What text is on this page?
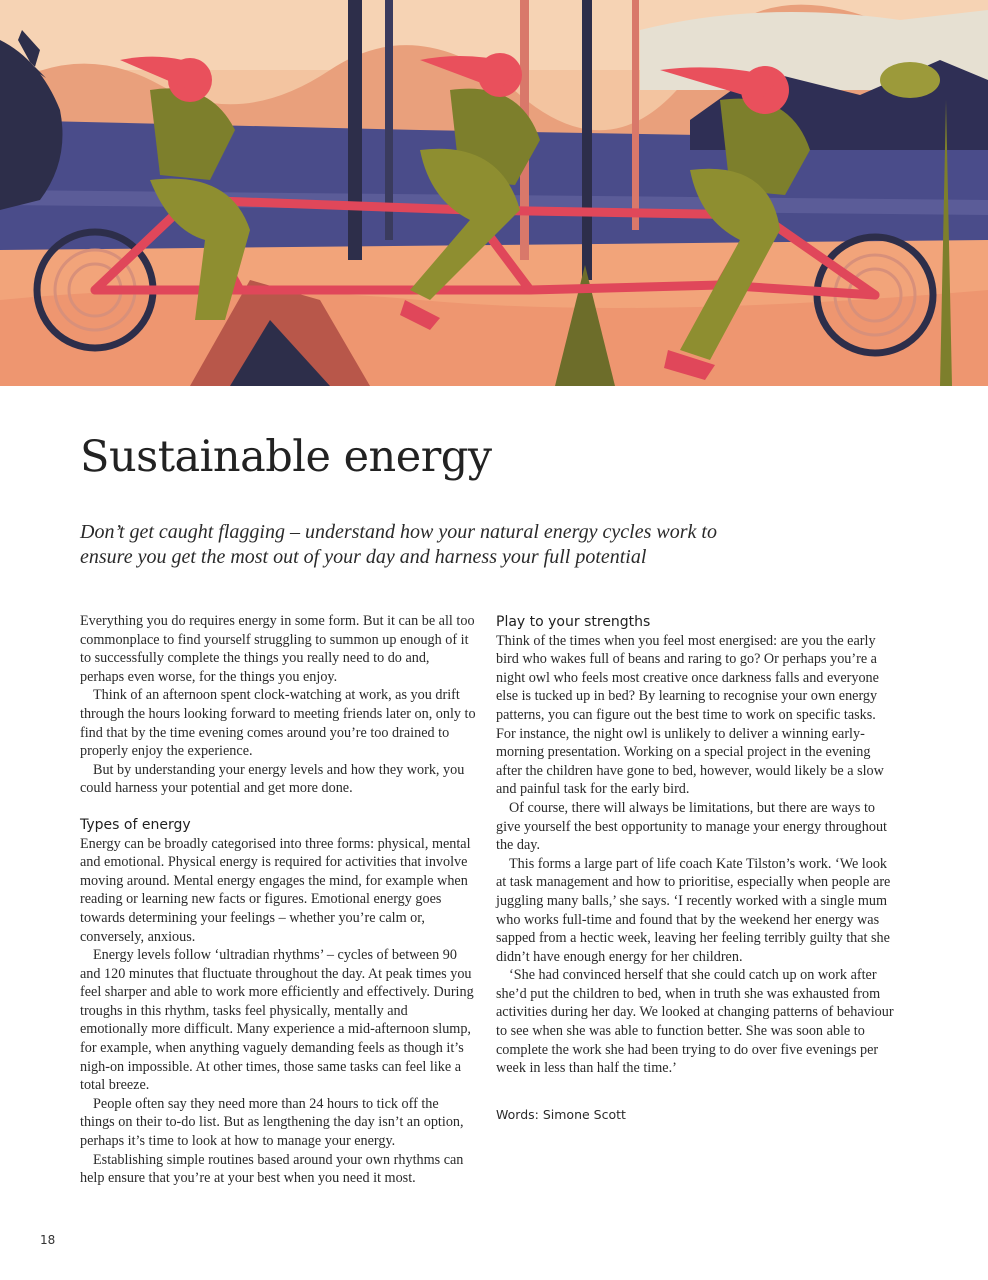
Sustainable energy

Don’t get caught flagging – understand how your natural energy cycles work to ensure you get the most out of your day and harness your full potential

Everything you do requires energy in some form. But it can be all too commonplace to find yourself struggling to summon up enough of it to successfully complete the things you really need to do and, perhaps even worse, for the things you enjoy.

Think of an afternoon spent clock-watching at work, as you drift through the hours looking forward to meeting friends later on, only to find that by the time evening comes around you’re too drained to properly enjoy the experience.

But by understanding your energy levels and how they work, you could harness your potential and get more done.

Types of energy

Energy can be broadly categorised into three forms: physical, mental and emotional. Physical energy is required for activities that involve moving around. Mental energy engages the mind, for example when reading or learning new facts or figures. Emotional energy goes towards determining your feelings – whether you’re calm or, conversely, anxious.

Energy levels follow ‘ultradian rhythms’ – cycles of between 90 and 120 minutes that fluctuate throughout the day. At peak times you feel sharper and able to work more efficiently and effectively. During troughs in this rhythm, tasks feel physically, mentally and emotionally more difficult. Many experience a mid-afternoon slump, for example, when anything vaguely demanding feels as though it’s nigh-on impossible. At other times, those same tasks can feel like a total breeze.

People often say they need more than 24 hours to tick off the things on their to-do list. But as lengthening the day isn’t an option, perhaps it’s time to look at how to manage your energy.

Establishing simple routines based around your own rhythms can help ensure that you’re at your best when you need it most.

Play to your strengths

Think of the times when you feel most energised: are you the early bird who wakes full of beans and raring to go? Or perhaps you’re a night owl who feels most creative once darkness falls and everyone else is tucked up in bed? By learning to recognise your own energy patterns, you can figure out the best time to work on specific tasks. For instance, the night owl is unlikely to deliver a winning early-morning presentation. Working on a special project in the evening after the children have gone to bed, however, would likely be a slow and painful task for the early bird.

Of course, there will always be limitations, but there are ways to give yourself the best opportunity to manage your energy throughout the day.

This forms a large part of life coach Kate Tilston’s work. ‘We look at task management and how to prioritise, especially when people are juggling many balls,’ she says. ‘I recently worked with a single mum who works full-time and found that by the weekend her energy was sapped from a hectic week, leaving her feeling terribly guilty that she didn’t have enough energy for her children.

‘She had convinced herself that she could catch up on work after she’d put the children to bed, when in truth she was exhausted from activities during her day. We looked at changing patterns of behaviour to see when she was able to function better. She was soon able to complete the work she had been trying to do over five evenings per week in less than half the time.’

Words: Simone Scott

18
